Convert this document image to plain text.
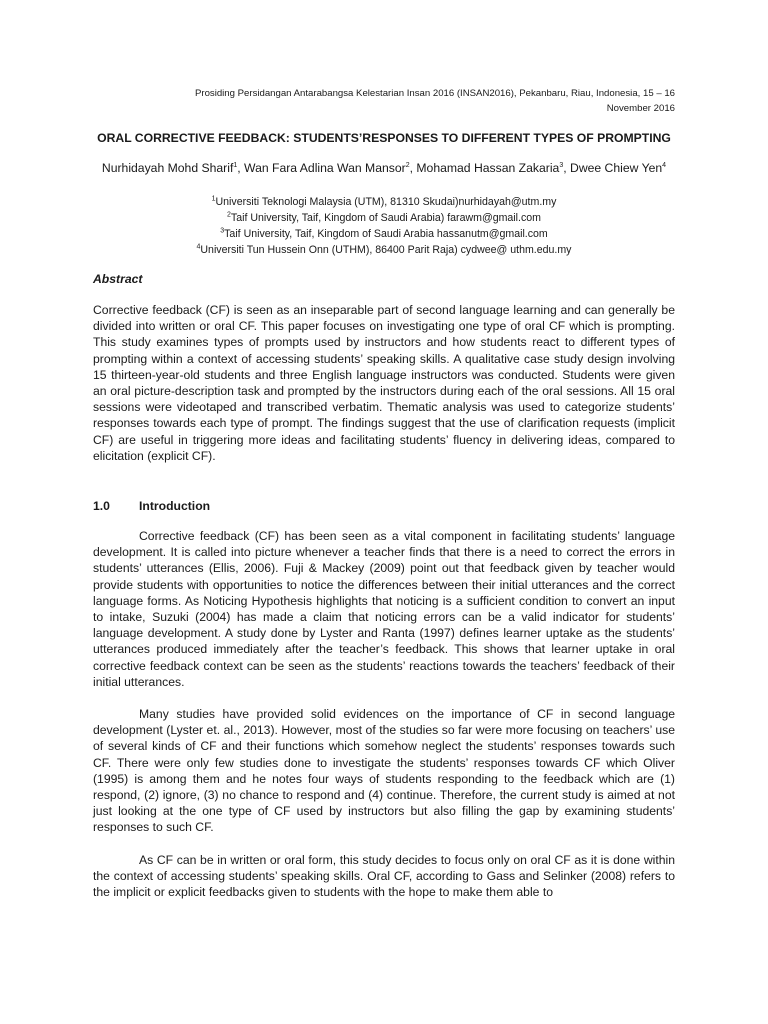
Prosiding Persidangan Antarabangsa Kelestarian Insan 2016 (INSAN2016), Pekanbaru, Riau, Indonesia, 15 – 16
November 2016
ORAL CORRECTIVE FEEDBACK: STUDENTS’RESPONSES TO DIFFERENT TYPES OF PROMPTING
Nurhidayah Mohd Sharif$^1$, Wan Fara Adlina Wan Mansor$^2$, Mohamad Hassan Zakaria$^3$, Dwee Chiew Yen$^4$
$^1$Universiti Teknologi Malaysia (UTM), 81310 Skudai)nurhidayah@utm.my
$^2$Taif University, Taif, Kingdom of Saudi Arabia) farawm@gmail.com
$^3$Taif University, Taif, Kingdom of Saudi Arabia hassanutm@gmail.com
$^4$Universiti Tun Hussein Onn (UTHM), 86400 Parit Raja) cydwee@ uthm.edu.my
Abstract

Corrective feedback (CF) is seen as an inseparable part of second language learning and can generally be divided into written or oral CF. This paper focuses on investigating one type of oral CF which is prompting. This study examines types of prompts used by instructors and how students react to different types of prompting within a context of accessing students’ speaking skills. A qualitative case study design involving 15 thirteen-year-old students and three English language instructors was conducted. Students were given an oral picture-description task and prompted by the instructors during each of the oral sessions. All 15 oral sessions were videotaped and transcribed verbatim. Thematic analysis was used to categorize students’ responses towards each type of prompt. The findings suggest that the use of clarification requests (implicit CF) are useful in triggering more ideas and facilitating students’ fluency in delivering ideas, compared to elicitation (explicit CF).

1.0	Introduction

Corrective feedback (CF) has been seen as a vital component in facilitating students’ language development. It is called into picture whenever a teacher finds that there is a need to correct the errors in students’ utterances (Ellis, 2006). Fuji & Mackey (2009) point out that feedback given by teacher would provide students with opportunities to notice the differences between their initial utterances and the correct language forms. As Noticing Hypothesis highlights that noticing is a sufficient condition to convert an input to intake, Suzuki (2004) has made a claim that noticing errors can be a valid indicator for students’ language development. A study done by Lyster and Ranta (1997) defines learner uptake as the students’ utterances produced immediately after the teacher’s feedback. This shows that learner uptake in oral corrective feedback context can be seen as the students’ reactions towards the teachers’ feedback of their initial utterances.

Many studies have provided solid evidences on the importance of CF in second language development (Lyster et. al., 2013). However, most of the studies so far were more focusing on teachers’ use of several kinds of CF and their functions which somehow neglect the students’ responses towards such CF. There were only few studies done to investigate the students’ responses towards CF which Oliver (1995) is among them and he notes four ways of students responding to the feedback which are (1) respond, (2) ignore, (3) no chance to respond and (4) continue. Therefore, the current study is aimed at not just looking at the one type of CF used by instructors but also filling the gap by examining students’ responses to such CF.

As CF can be in written or oral form, this study decides to focus only on oral CF as it is done within the context of accessing students’ speaking skills. Oral CF, according to Gass and Selinker (2008) refers to the implicit or explicit feedbacks given to students with the hope to make them able to
